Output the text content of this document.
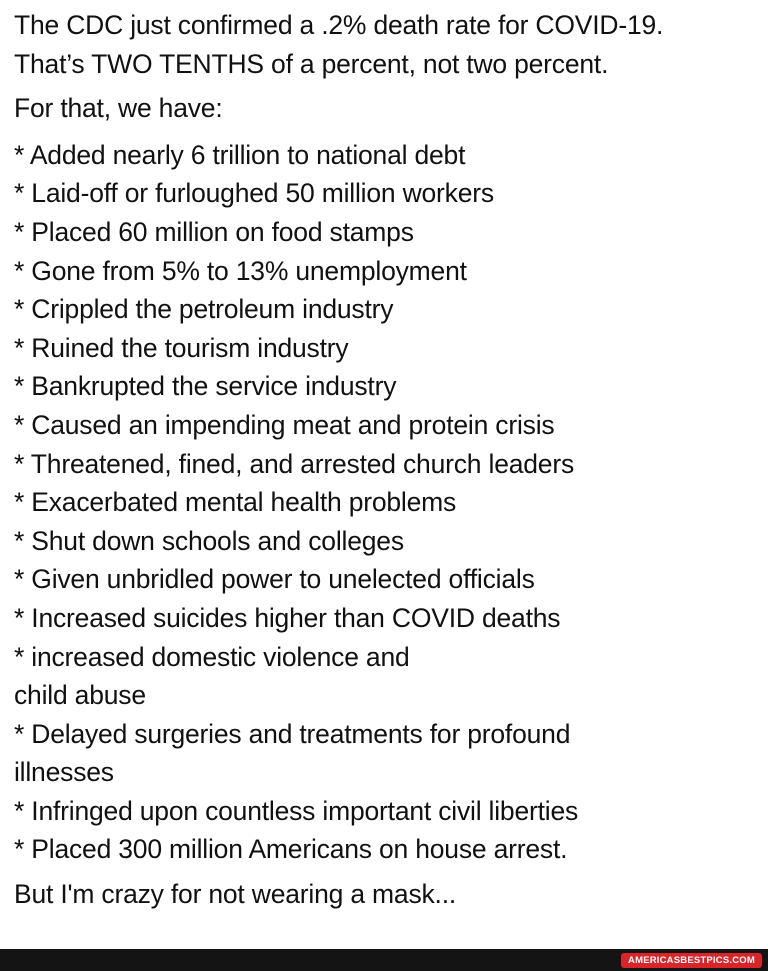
The CDC just confirmed a .2% death rate for COVID-19.
That’s TWO TENTHS of a percent, not two percent.

For that, we have:

* Added nearly 6 trillion to national debt
* Laid-off or furloughed 50 million workers
* Placed 60 million on food stamps
* Gone from 5% to 13% unemployment
* Crippled the petroleum industry
* Ruined the tourism industry
* Bankrupted the service industry
* Caused an impending meat and protein crisis
* Threatened, fined, and arrested church leaders
* Exacerbated mental health problems
* Shut down schools and colleges
* Given unbridled power to unelected officials
* Increased suicides higher than COVID deaths
* increased domestic violence and
child abuse
* Delayed surgeries and treatments for profound
illnesses
* Infringed upon countless important civil liberties
* Placed 300 million Americans on house arrest.

But I'm crazy for not wearing a mask...

AMERICASBESTPICS.COM
